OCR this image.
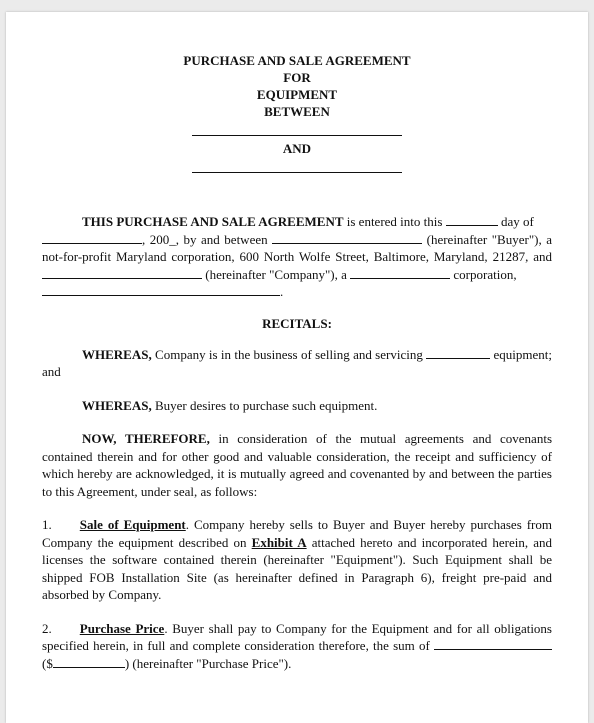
PURCHASE AND SALE AGREEMENT
FOR
EQUIPMENT
BETWEEN
AND

THIS PURCHASE AND SALE AGREEMENT is entered into this	day of
, 200_, by and between	(hereinafter "Buyer"), a not-for-profit Maryland corporation, 600 North Wolfe Street, Baltimore, Maryland, 21287, and  (hereinafter "Company"), a	corporation,
.

RECITALS:

WHEREAS, Company is in the business of selling and servicing	equipment; and

WHEREAS, Buyer desires to purchase such equipment.

NOW, THEREFORE, in consideration of the mutual agreements and covenants contained therein and for other good and valuable consideration, the receipt and sufficiency of which hereby are acknowledged, it is mutually agreed and covenanted by and between the parties to this Agreement, under seal, as follows:

1. Sale of Equipment. Company hereby sells to Buyer and Buyer hereby purchases from Company the equipment described on Exhibit A attached hereto and incorporated herein, and licenses the software contained therein (hereinafter "Equipment"). Such Equipment shall be shipped FOB Installation Site (as hereinafter defined in Paragraph 6), freight pre-paid and absorbed by Company.

2. Purchase Price. Buyer shall pay to Company for the Equipment and for all obligations specified herein, in full and complete consideration therefore, the sum of  ($	) (hereinafter "Purchase Price").
